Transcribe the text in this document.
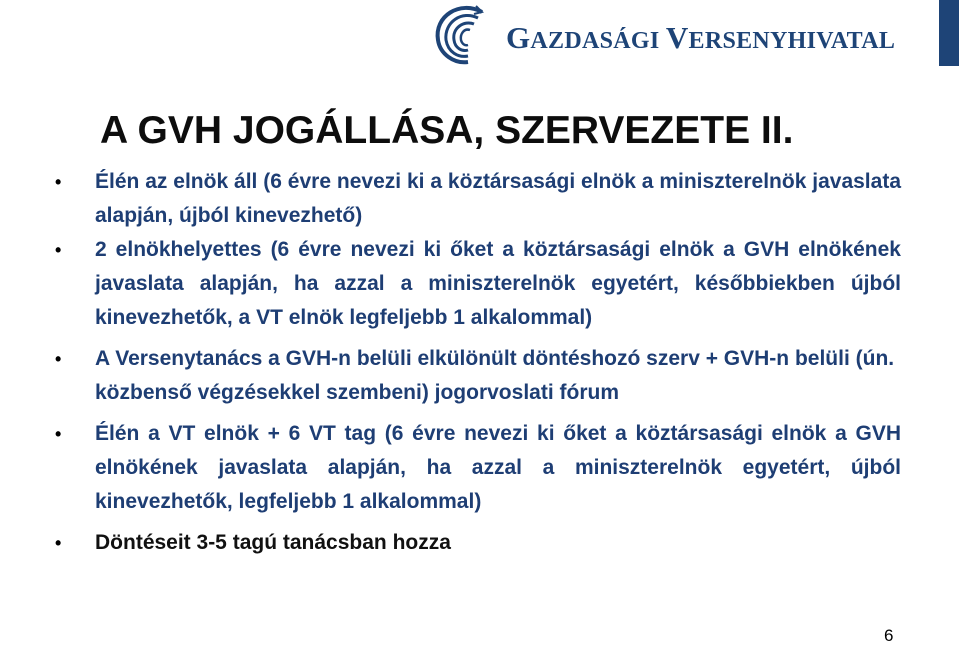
GAZDASÁGI VERSENYHIVATAL
A GVH JOGÁLLÁSA, SZERVEZETE II.
• Élén az elnök áll (6 évre nevezi ki a köztársasági elnök a miniszterelnök javaslata alapján, újból kinevezhető)
• 2 elnökhelyettes (6 évre nevezi ki őket a köztársasági elnök a GVH elnökének javaslata alapján, ha azzal a miniszterelnök egyetért, későbbiekben újból kinevezhetők, a VT elnök legfeljebb 1 alkalommal)
• A Versenytanács a GVH-n belüli elkülönült döntéshozó szerv + GVH-n belüli (ún. közbenső végzésekkel szembeni) jogorvoslati fórum
• Élén a VT elnök + 6 VT tag (6 évre nevezi ki őket a köztársasági elnök a GVH elnökének javaslata alapján, ha azzal a miniszterelnök egyetért, újból kinevezhetők, legfeljebb 1 alkalommal)
• Döntéseit 3-5 tagú tanácsban hozza
6
